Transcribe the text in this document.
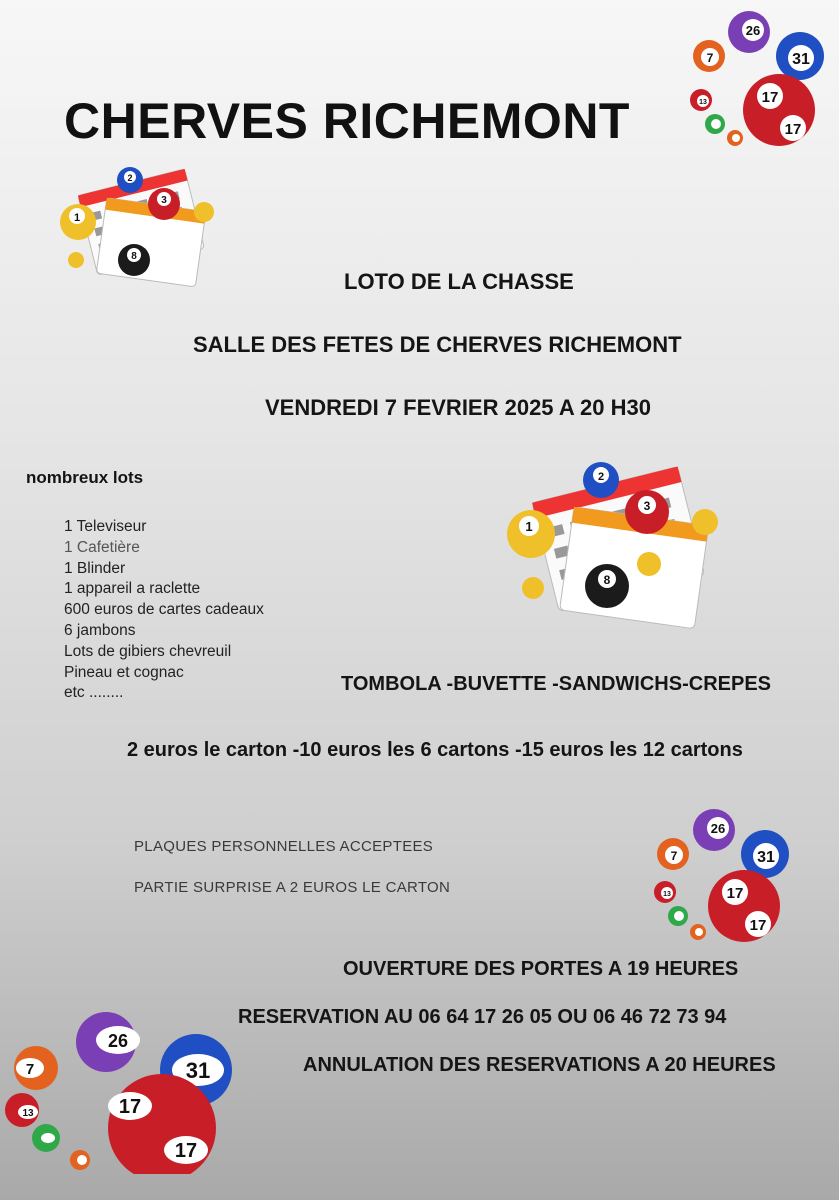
CHERVES RICHEMONT
26
31
7
17
17
13
1
2
3
8
LOTO DE LA CHASSE
SALLE DES FETES DE CHERVES RICHEMONT
VENDREDI 7 FEVRIER 2025 A 20 H30
nombreux lots
1 Televiseur
1 Cafetière
1 Blinder
1 appareil a raclette
600 euros de cartes cadeaux
6 jambons
Lots de gibiers chevreuil
Pineau et cognac
etc ........
1
2
3
8
TOMBOLA -BUVETTE -SANDWICHS-CREPES
2 euros le carton -10 euros les 6 cartons -15 euros les 12 cartons
PLAQUES PERSONNELLES ACCEPTEES
PARTIE SURPRISE A 2 EUROS LE CARTON
26
31
7
17
17
13
OUVERTURE DES PORTES A 19 HEURES
RESERVATION AU 06 64 17 26 05 OU 06 46 72 73 94
ANNULATION DES RESERVATIONS A 20 HEURES
26
31
7
17
17
13
